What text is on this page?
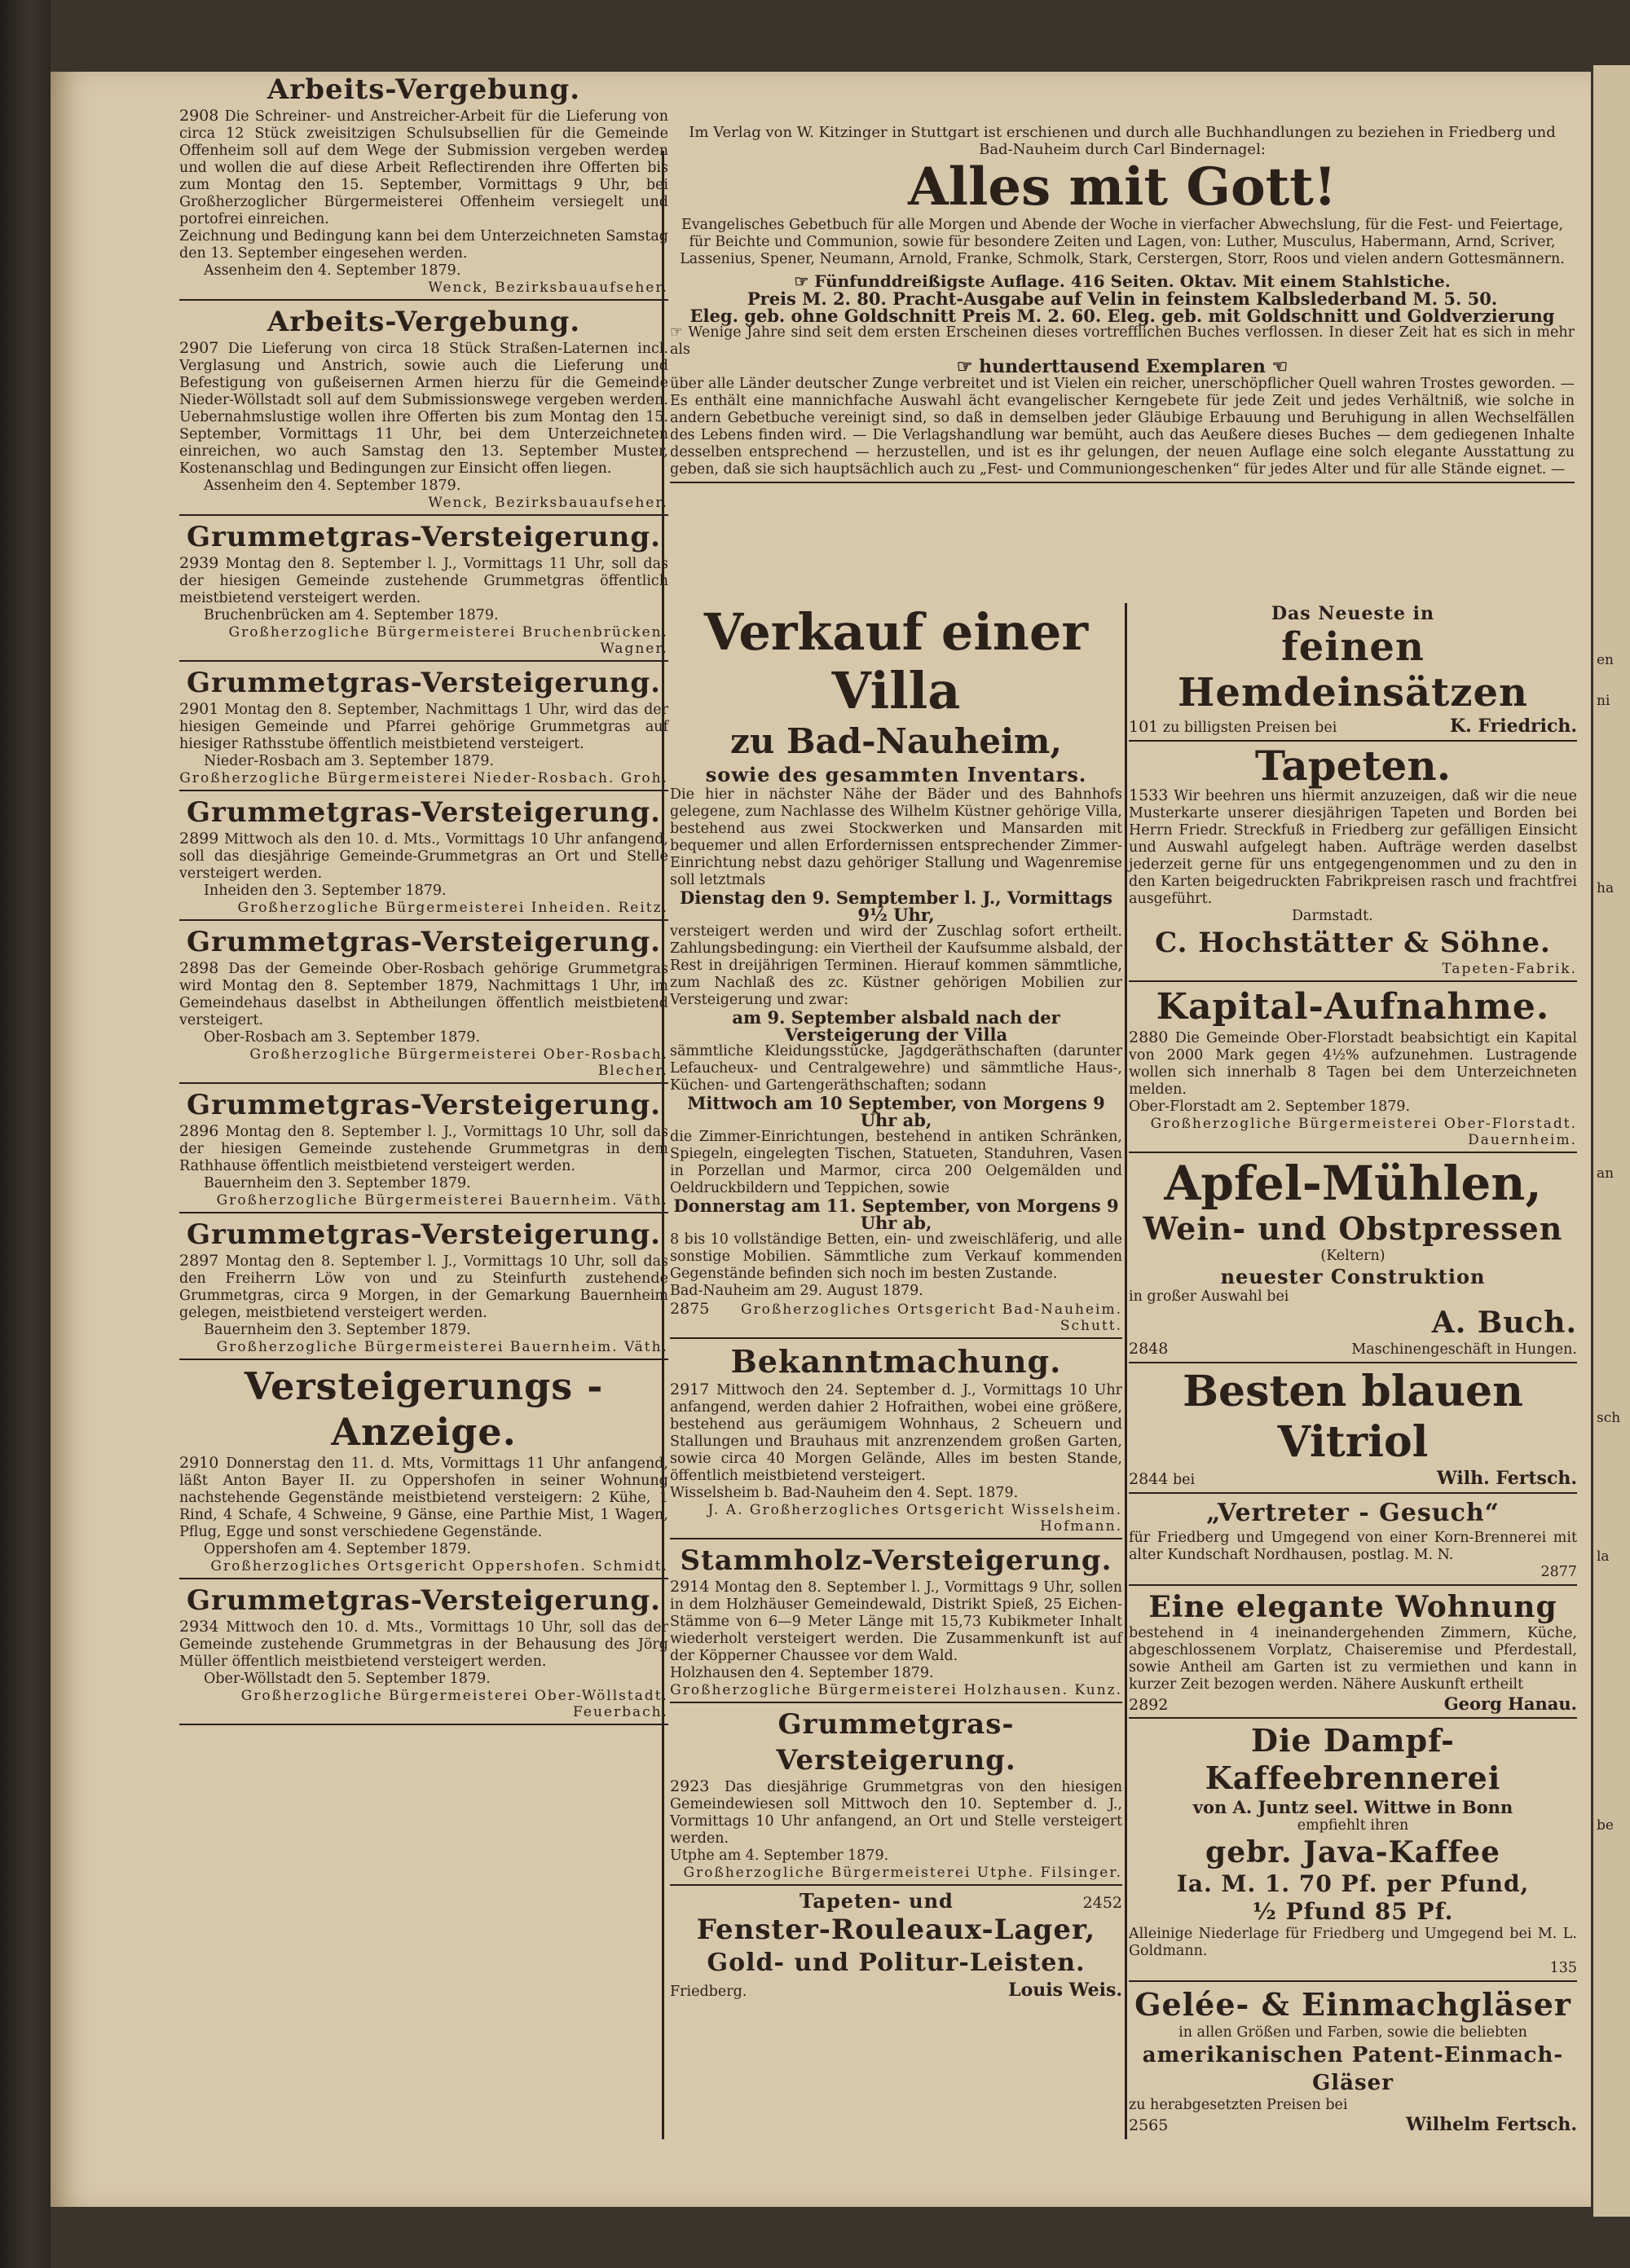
en
ni
ha
an
sch
la
be
Arbeits-Vergebung.

2908 Die Schreiner- und Anstreicher-Arbeit für die Lieferung von circa 12 Stück zweisitzigen Schulsubsellien für die Gemeinde Offenheim soll auf dem Wege der Submission vergeben werden und wollen die auf diese Arbeit Reflectirenden ihre Offerten bis zum Montag den 15. September, Vormittags 9 Uhr, bei Großherzoglicher Bürgermeisterei Offenheim versiegelt und portofrei einreichen.

Zeichnung und Bedingung kann bei dem Unterzeichneten Samstag den 13. September eingesehen werden.

Assenheim den 4. September 1879.

Wenck, Bezirksbauaufseher.

Arbeits-Vergebung.

2907 Die Lieferung von circa 18 Stück Straßen-Laternen incl. Verglasung und Anstrich, sowie auch die Lieferung und Befestigung von gußeisernen Armen hierzu für die Gemeinde Nieder-Wöllstadt soll auf dem Submissionswege vergeben werden. Uebernahmslustige wollen ihre Offerten bis zum Montag den 15. September, Vormittags 11 Uhr, bei dem Unterzeichneten einreichen, wo auch Samstag den 13. September Muster, Kostenanschlag und Bedingungen zur Einsicht offen liegen.

Assenheim den 4. September 1879.

Wenck, Bezirksbauaufseher.

Grummetgras-Versteigerung.

2939 Montag den 8. September l. J., Vormittags 11 Uhr, soll das der hiesigen Gemeinde zustehende Grummetgras öffentlich meistbietend versteigert werden.

Bruchenbrücken am 4. September 1879.

Großherzogliche Bürgermeisterei Bruchenbrücken. Wagner.

Grummetgras-Versteigerung.

2901 Montag den 8. September, Nachmittags 1 Uhr, wird das der hiesigen Gemeinde und Pfarrei gehörige Grummetgras auf hiesiger Rathsstube öffentlich meistbietend versteigert.

Nieder-Rosbach am 3. September 1879.

Großherzogliche Bürgermeisterei Nieder-Rosbach. Groh.

Grummetgras-Versteigerung.

2899 Mittwoch als den 10. d. Mts., Vormittags 10 Uhr anfangend, soll das diesjährige Gemeinde-Grummetgras an Ort und Stelle versteigert werden.

Inheiden den 3. September 1879.

Großherzogliche Bürgermeisterei Inheiden. Reitz.

Grummetgras-Versteigerung.

2898 Das der Gemeinde Ober-Rosbach gehörige Grummetgras wird Montag den 8. September 1879, Nachmittags 1 Uhr, im Gemeindehaus daselbst in Abtheilungen öffentlich meistbietend versteigert.

Ober-Rosbach am 3. September 1879.

Großherzogliche Bürgermeisterei Ober-Rosbach. Blecher.

Grummetgras-Versteigerung.

2896 Montag den 8. September l. J., Vormittags 10 Uhr, soll das der hiesigen Gemeinde zustehende Grummetgras in dem Rathhause öffentlich meistbietend versteigert werden.

Bauernheim den 3. September 1879.

Großherzogliche Bürgermeisterei Bauernheim. Väth.

Grummetgras-Versteigerung.

2897 Montag den 8. September l. J., Vormittags 10 Uhr, soll das den Freiherrn Löw von und zu Steinfurth zustehende Grummetgras, circa 9 Morgen, in der Gemarkung Bauernheim gelegen, meistbietend versteigert werden.

Bauernheim den 3. September 1879.

Großherzogliche Bürgermeisterei Bauernheim. Väth.

Versteigerungs - Anzeige.

2910 Donnerstag den 11. d. Mts, Vormittags 11 Uhr anfangend, läßt Anton Bayer II. zu Oppershofen in seiner Wohnung nachstehende Gegenstände meistbietend versteigern: 2 Kühe, 1 Rind, 4 Schafe, 4 Schweine, 9 Gänse, eine Parthie Mist, 1 Wagen, Pflug, Egge und sonst verschiedene Gegenstände.

Oppershofen am 4. September 1879.

Großherzogliches Ortsgericht Oppershofen. Schmidt.

Grummetgras-Versteigerung.

2934 Mittwoch den 10. d. Mts., Vormittags 10 Uhr, soll das der Gemeinde zustehende Grummetgras in der Behausung des Jörg Müller öffentlich meistbietend versteigert werden.

Ober-Wöllstadt den 5. September 1879.

Großherzogliche Bürgermeisterei Ober-Wöllstadt. Feuerbach.

Im Verlag von W. Kitzinger in Stuttgart ist erschienen und durch alle Buchhandlungen zu beziehen in Friedberg und Bad-Nauheim durch Carl Bindernagel:

Alles mit Gott!

Evangelisches Gebetbuch für alle Morgen und Abende der Woche in vierfacher Abwechslung, für die Fest- und Feiertage, für Beichte und Communion, sowie für besondere Zeiten und Lagen, von: Luther, Musculus, Habermann, Arnd, Scriver, Lassenius, Spener, Neumann, Arnold, Franke, Schmolk, Stark, Cerstergen, Storr, Roos und vielen andern Gottesmännern.

☞ Fünfunddreißigste Auflage. 416 Seiten. Oktav. Mit einem Stahlstiche.

Preis M. 2. 80. Pracht-Ausgabe auf Velin in feinstem Kalbslederband M. 5. 50.

Eleg. geb. ohne Goldschnitt Preis M. 2. 60. Eleg. geb. mit Goldschnitt und Goldverzierung

☞ Wenige Jahre sind seit dem ersten Erscheinen dieses vortrefflichen Buches verflossen. In dieser Zeit hat es sich in mehr als

☞ hunderttausend Exemplaren ☜

über alle Länder deutscher Zunge verbreitet und ist Vielen ein reicher, unerschöpflicher Quell wahren Trostes geworden. — Es enthält eine mannichfache Auswahl ächt evangelischer Kerngebete für jede Zeit und jedes Verhältniß, wie solche in andern Gebetbuche vereinigt sind, so daß in demselben jeder Gläubige Erbauung und Beruhigung in allen Wechselfällen des Lebens finden wird. — Die Verlagshandlung war bemüht, auch das Aeußere dieses Buches — dem gediegenen Inhalte desselben entsprechend — herzustellen, und ist es ihr gelungen, der neuen Auflage eine solch elegante Ausstattung zu geben, daß sie sich hauptsächlich auch zu „Fest- und Communiongeschenken“ für jedes Alter und für alle Stände eignet. —

Verkauf einer Villa
zu Bad-Nauheim,
sowie des gesammten Inventars.

Die hier in nächster Nähe der Bäder und des Bahnhofs gelegene, zum Nachlasse des Wilhelm Küstner gehörige Villa, bestehend aus zwei Stockwerken und Mansarden mit bequemer und allen Erfordernissen entsprechender Zimmer-Einrichtung nebst dazu gehöriger Stallung und Wagenremise soll letztmals

Dienstag den 9. Semptember l. J., Vormittags 9½ Uhr,

versteigert werden und wird der Zuschlag sofort ertheilt. Zahlungsbedingung: ein Viertheil der Kaufsumme alsbald, der Rest in dreijährigen Terminen. Hierauf kommen sämmtliche, zum Nachlaß des zc. Küstner gehörigen Mobilien zur Versteigerung und zwar:

am 9. September alsbald nach der Versteigerung der Villa

sämmtliche Kleidungsstücke, Jagdgeräthschaften (darunter Lefaucheux- und Centralgewehre) und sämmtliche Haus-, Küchen- und Gartengeräthschaften; sodann

Mittwoch am 10 September, von Morgens 9 Uhr ab,

die Zimmer-Einrichtungen, bestehend in antiken Schränken, Spiegeln, eingelegten Tischen, Statueten, Standuhren, Vasen in Porzellan und Marmor, circa 200 Oelgemälden und Oeldruckbildern und Teppichen, sowie

Donnerstag am 11. September, von Morgens 9 Uhr ab,

8 bis 10 vollständige Betten, ein- und zweischläferig, und alle sonstige Mobilien. Sämmtliche zum Verkauf kommenden Gegenstände befinden sich noch im besten Zustande.

Bad-Nauheim am 29. August 1879.

2875	Großherzogliches Ortsgericht Bad-Nauheim. Schutt.
Bekanntmachung.

2917 Mittwoch den 24. September d. J., Vormittags 10 Uhr anfangend, werden dahier 2 Hofraithen, wobei eine größere, bestehend aus geräumigem Wohnhaus, 2 Scheuern und Stallungen und Brauhaus mit anzrenzendem großen Garten, sowie circa 40 Morgen Gelände, Alles im besten Stande, öffentlich meistbietend versteigert.

Wisselsheim b. Bad-Nauheim den 4. Sept. 1879.

J. A. Großherzogliches Ortsgericht Wisselsheim. Hofmann.

Stammholz-Versteigerung.

2914 Montag den 8. September l. J., Vormittags 9 Uhr, sollen in dem Holzhäuser Gemeindewald, Distrikt Spieß, 25 Eichen-Stämme von 6—9 Meter Länge mit 15,73 Kubikmeter Inhalt wiederholt versteigert werden. Die Zusammenkunft ist auf der Köpperner Chaussee vor dem Wald.

Holzhausen den 4. September 1879.

Großherzogliche Bürgermeisterei Holzhausen. Kunz.

Grummetgras-Versteigerung.

2923 Das diesjährige Grummetgras von den hiesigen Gemeindewiesen soll Mittwoch den 10. September d. J., Vormittags 10 Uhr anfangend, an Ort und Stelle versteigert werden.

Utphe am 4. September 1879.

Großherzogliche Bürgermeisterei Utphe. Filsinger.

Tapeten- und	2452
Fenster-Rouleaux-Lager,
Gold- und Politur-Leisten.
Friedberg.	Louis Weis.
Das Neueste in
feinen Hemdeinsätzen
101 zu billigsten Preisen bei	K. Friedrich.
Tapeten.

1533 Wir beehren uns hiermit anzuzeigen, daß wir die neue Musterkarte unserer diesjährigen Tapeten und Borden bei Herrn Friedr. Streckfuß in Friedberg zur gefälligen Einsicht und Auswahl aufgelegt haben. Aufträge werden daselbst jederzeit gerne für uns entgegengenommen und zu den in den Karten beigedruckten Fabrikpreisen rasch und frachtfrei ausgeführt.

Darmstadt.

C. Hochstätter & Söhne.

Tapeten-Fabrik.

Kapital-Aufnahme.

2880 Die Gemeinde Ober-Florstadt beabsichtigt ein Kapital von 2000 Mark gegen 4½% aufzunehmen. Lustragende wollen sich innerhalb 8 Tagen bei dem Unterzeichneten melden.

Ober-Florstadt am 2. September 1879.

Großherzogliche Bürgermeisterei Ober-Florstadt. Dauernheim.

Apfel-Mühlen,
Wein- und Obstpressen
(Keltern)
neuester Construktion

in großer Auswahl bei

A. Buch.
2848	Maschinengeschäft in Hungen.
Besten blauen Vitriol
2844 bei	Wilh. Fertsch.
„Vertreter - Gesuch“

für Friedberg und Umgegend von einer Korn-Brennerei mit alter Kundschaft Nordhausen, postlag. M. N.

2877

Eine elegante Wohnung

bestehend in 4 ineinandergehenden Zimmern, Küche, abgeschlossenem Vorplatz, Chaiseremise und Pferdestall, sowie Antheil am Garten ist zu vermiethen und kann in kurzer Zeit bezogen werden. Nähere Auskunft ertheilt

2892	Georg Hanau.
Die Dampf-Kaffeebrennerei
von A. Juntz seel. Wittwe in Bonn
empfiehlt ihren
gebr. Java-Kaffee
Ia. M. 1. 70 Pf. per Pfund,
½ Pfund 85 Pf.

Alleinige Niederlage für Friedberg und Umgegend bei M. L. Goldmann.

135

Gelée- & Einmachgläser
in allen Größen und Farben, sowie die beliebten
amerikanischen Patent-Einmach-Gläser
zu herabgesetzten Preisen bei
2565	Wilhelm Fertsch.
